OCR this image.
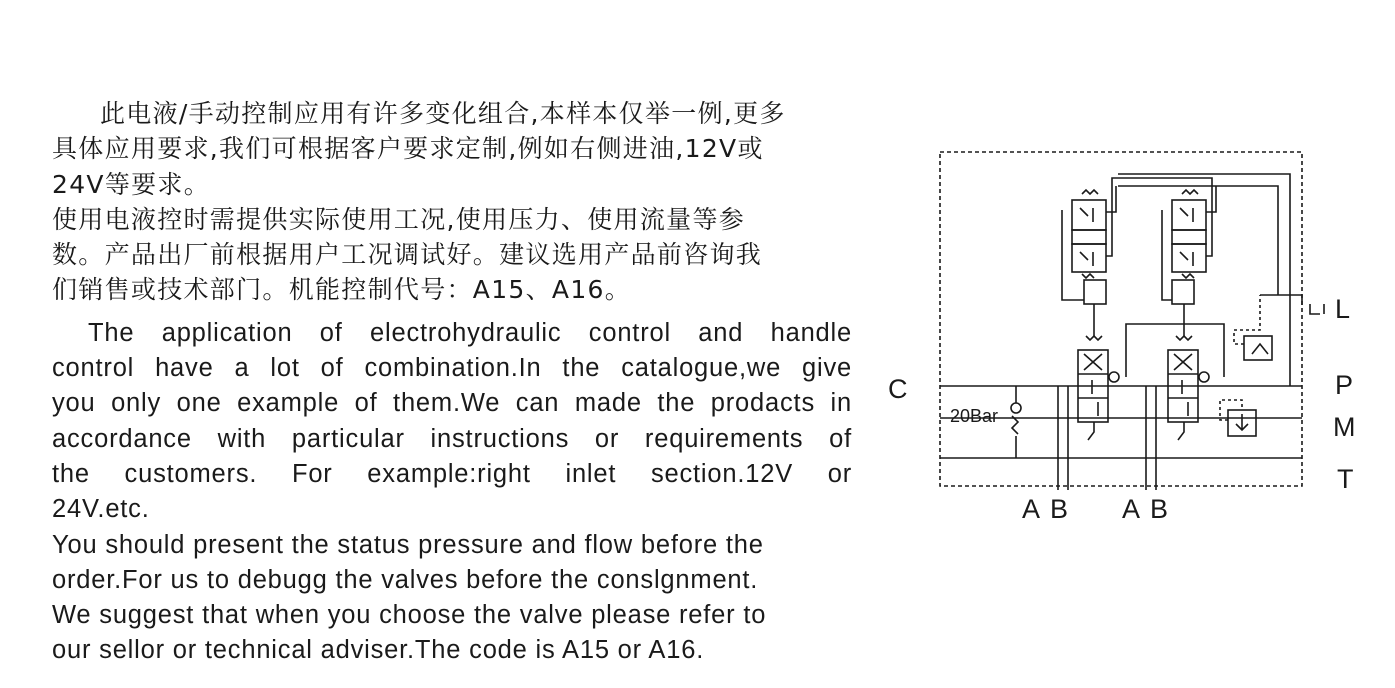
此电液/手动控制应用有许多变化组合,本样本仅举一例,更多

具体应用要求,我们可根据客户要求定制,例如右侧进油,12V或

24V等要求。

使用电液控时需提供实际使用工况,使用压力、使用流量等参

数。产品出厂前根据用户工况调试好。建议选用产品前咨询我

们销售或技术部门。机能控制代号：A15、A16。

The application of electrohydraulic control and handle

control have a lot of combination.In the catalogue,we give

you only one example of them.We can made the prodacts in

accordance with particular instructions or requirements of

the customers. For example:right inlet section.12V or

24V.etc.

You should present the status pressure and flow before the

order.For us to debugg the valves before the conslgnment.

We suggest that when you choose the valve please refer to

our sellor or technical adviser.The code is A15 or A16.

C
L
P
M
T
20Bar
A B A B
